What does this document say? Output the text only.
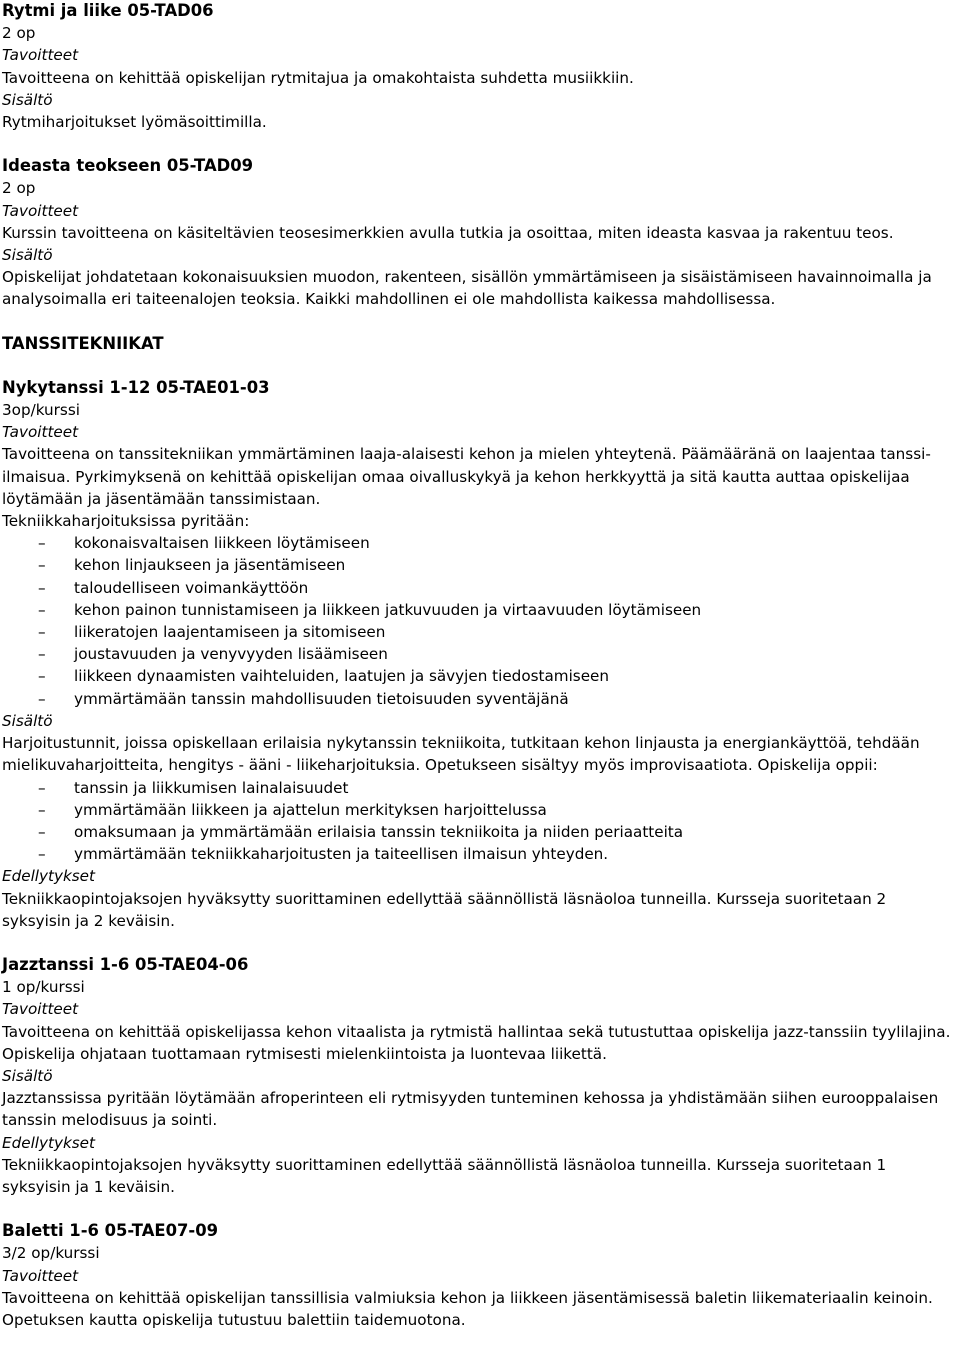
Rytmi ja liike 05-TAD06

2 op

Tavoitteet

Tavoitteena on kehittää opiskelijan rytmitajua ja omakohtaista suhdetta musiikkiin.

Sisältö

Rytmiharjoitukset lyömäsoittimilla.

Ideasta teokseen 05-TAD09

2 op

Tavoitteet

Kurssin tavoitteena on käsiteltävien teosesimerkkien avulla tutkia ja osoittaa, miten ideasta kasvaa ja rakentuu teos.

Sisältö

Opiskelijat johdatetaan kokonaisuuksien muodon, rakenteen, sisällön ymmärtämiseen ja sisäistämiseen havainnoimalla ja analysoimalla eri taiteenalojen teoksia. Kaikki mahdollinen ei ole mahdollista kaikessa mahdollisessa.

TANSSITEKNIIKAT

Nykytanssi 1-12 05-TAE01-03

3op/kurssi

Tavoitteet

Tavoitteena on tanssitekniikan ymmärtäminen laaja-alaisesti kehon ja mielen yhteytenä. Päämääränä on laajentaa tanssi-ilmaisua. Pyrkimyksenä on kehittää opiskelijan omaa oivalluskykyä ja kehon herkkyyttä ja sitä kautta auttaa opiskelijaa löytämään ja jäsentämään tanssimistaan.

Tekniikkaharjoituksissa pyritään:

– kokonaisvaltaisen liikkeen löytämiseen
– kehon linjaukseen ja jäsentämiseen
– taloudelliseen voimankäyttöön
– kehon painon tunnistamiseen ja liikkeen jatkuvuuden ja virtaavuuden löytämiseen
– liikeratojen laajentamiseen ja sitomiseen
– joustavuuden ja venyvyyden lisäämiseen
– liikkeen dynaamisten vaihteluiden, laatujen ja sävyjen tiedostamiseen
– ymmärtämään tanssin mahdollisuuden tietoisuuden syventäjänä

Sisältö

Harjoitustunnit, joissa opiskellaan erilaisia nykytanssin tekniikoita, tutkitaan kehon linjausta ja energiankäyttöä, tehdään mielikuvaharjoitteita, hengitys - ääni - liikeharjoituksia. Opetukseen sisältyy myös improvisaatiota. Opiskelija oppii:

– tanssin ja liikkumisen lainalaisuudet
– ymmärtämään liikkeen ja ajattelun merkityksen harjoittelussa
– omaksumaan ja ymmärtämään erilaisia tanssin tekniikoita ja niiden periaatteita
– ymmärtämään tekniikkaharjoitusten ja taiteellisen ilmaisun yhteyden.

Edellytykset

Tekniikkaopintojaksojen hyväksytty suorittaminen edellyttää säännöllistä läsnäoloa tunneilla. Kursseja suoritetaan 2 syksyisin ja 2 keväisin.

Jazztanssi 1-6 05-TAE04-06

1 op/kurssi

Tavoitteet

Tavoitteena on kehittää opiskelijassa kehon vitaalista ja rytmistä hallintaa sekä tutustuttaa opiskelija jazz-tanssiin tyylilajina. Opiskelija ohjataan tuottamaan rytmisesti mielenkiintoista ja luontevaa liikettä.

Sisältö

Jazztanssissa pyritään löytämään afroperinteen eli rytmisyyden tunteminen kehossa ja yhdistämään siihen eurooppalaisen tanssin melodisuus ja sointi.

Edellytykset

Tekniikkaopintojaksojen hyväksytty suorittaminen edellyttää säännöllistä läsnäoloa tunneilla. Kursseja suoritetaan 1 syksyisin ja 1 keväisin.

Baletti 1-6 05-TAE07-09

3/2 op/kurssi

Tavoitteet

Tavoitteena on kehittää opiskelijan tanssillisia valmiuksia kehon ja liikkeen jäsentämisessä baletin liikemateriaalin keinoin. Opetuksen kautta opiskelija tutustuu balettiin taidemuotona.
